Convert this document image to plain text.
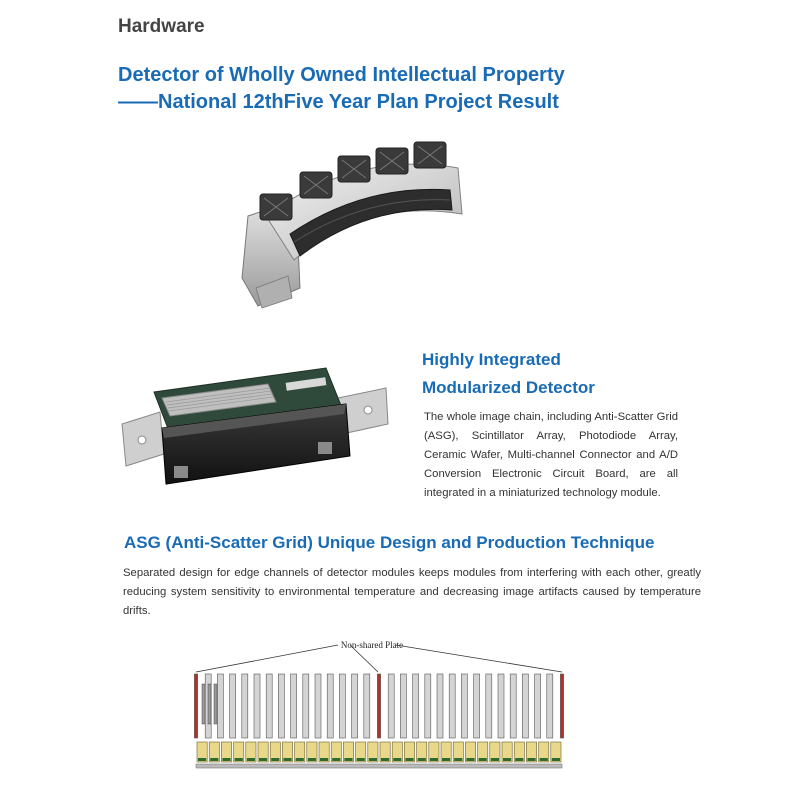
Hardware
Detector of Wholly Owned Intellectual Property
——National 12thFive Year Plan Project Result
Highly Integrated
Modularized Detector
The whole image chain, including Anti-Scatter Grid (ASG), Scintillator Array, Photodiode Array, Ceramic Wafer, Multi-channel Connector and A/D Conversion Electronic Circuit Board, are all integrated in a miniaturized technology module.
ASG (Anti-Scatter Grid) Unique Design and Production Technique
Separated design for edge channels of detector modules keeps modules from interfering with each other, greatly reducing system sensitivity to environmental temperature and decreasing image artifacts caused by temperature drifts.
Non-shared Plate
